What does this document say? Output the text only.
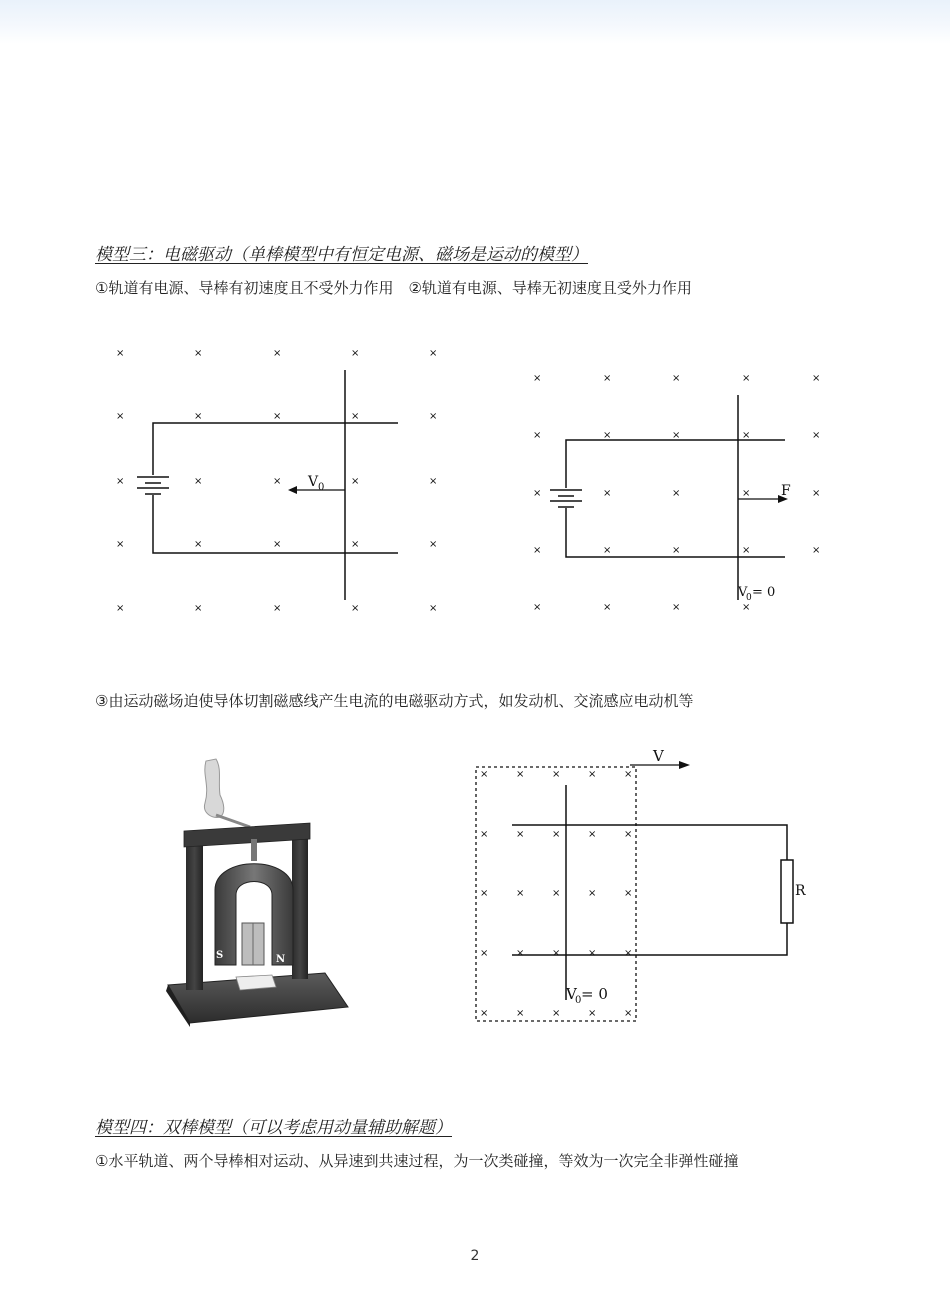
模型三：电磁驱动（单棒模型中有恒定电源、磁场是运动的模型）
①轨道有电源、导棒有初速度且不受外力作用　②轨道有电源、导棒无初速度且受外力作用
×	×	×	×	×
×	×	×	×	×
×	×	×	×	×
×	×	×	×	×
×	×	×	×	×
V 0
×	×	×	×	×
×	×	×	×	×
×	×	×	×	×
×	×	×	×	×
×	×	×	×
F
V
0 = 0
③由运动磁场迫使导体切割磁感线产生电流的电磁驱动方式，如发动机、交流感应电动机等
S	N
×	×	×	×	×
×	×	×	×	×
×	×	×	×	×
×	×	×	×	×
×	×	×	×	×
V
R
V
0 = 0
模型四：双棒模型（可以考虑用动量辅助解题）
①水平轨道、两个导棒相对运动、从异速到共速过程，为一次类碰撞，等效为一次完全非弹性碰撞
2
